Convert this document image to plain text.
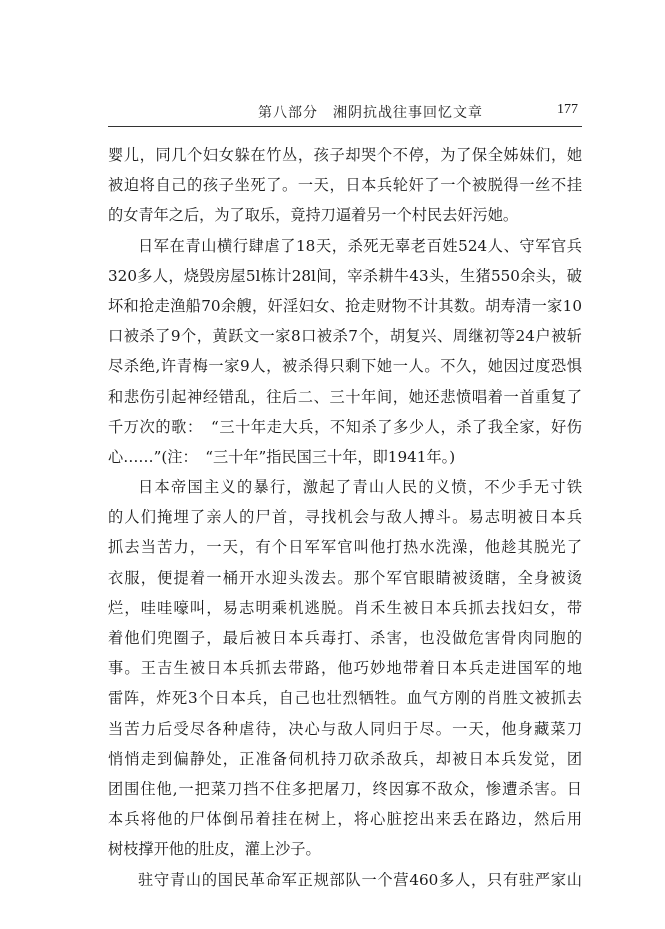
第八部分　湘阴抗战往事回忆文章	177
婴儿，同几个妇女躲在竹丛，孩子却哭个不停，为了保全姊妹们，她
被迫将自己的孩子坐死了。一天，日本兵轮奸了一个被脱得一丝不挂
的女青年之后，为了取乐，竟持刀逼着另一个村民去奸污她。
日军在青山横行肆虐了18天，杀死无辜老百姓524人、守军官兵
320多人，烧毁房屋5l栋计28l间，宰杀耕牛43头，生猪550余头，破
坏和抢走渔船70余艘，奸淫妇女、抢走财物不计其数。胡寿清一家10
口被杀了9个，黄跃文一家8口被杀7个，胡复兴、周继初等24户被斩
尽杀绝,许青梅一家9人，被杀得只剩下她一人。不久，她因过度恐惧
和悲伤引起神经错乱，往后二、三十年间，她还悲愤唱着一首重复了
千万次的歌：　“三十年走大兵，不知杀了多少人，杀了我全家，好伤
心……”(注：　“三十年”指民国三十年，即1941年。)
日本帝国主义的暴行，激起了青山人民的义愤，不少手无寸铁
的人们掩埋了亲人的尸首，寻找机会与敌人搏斗。易志明被日本兵
抓去当苦力，一天，有个日军军官叫他打热水洗澡，他趁其脱光了
衣服，便提着一桶开水迎头泼去。那个军官眼睛被烫瞎，全身被烫
烂，哇哇嚎叫，易志明乘机逃脱。肖禾生被日本兵抓去找妇女，带
着他们兜圈子，最后被日本兵毒打、杀害，也没做危害骨肉同胞的
事。王吉生被日本兵抓去带路，他巧妙地带着日本兵走进国军的地
雷阵，炸死3个日本兵，自己也壮烈牺牲。血气方刚的肖胜文被抓去
当苦力后受尽各种虐待，决心与敌人同归于尽。一天，他身藏菜刀
悄悄走到偏静处，正准备伺机持刀砍杀敌兵，却被日本兵发觉，团
团围住他,一把菜刀挡不住多把屠刀，终因寡不敌众，惨遭杀害。日
本兵将他的尸体倒吊着挂在树上，将心脏挖出来丢在路边，然后用
树枝撑开他的肚皮，灌上沙子。
驻守青山的国民革命军正规部队一个营460多人，只有驻严家山
